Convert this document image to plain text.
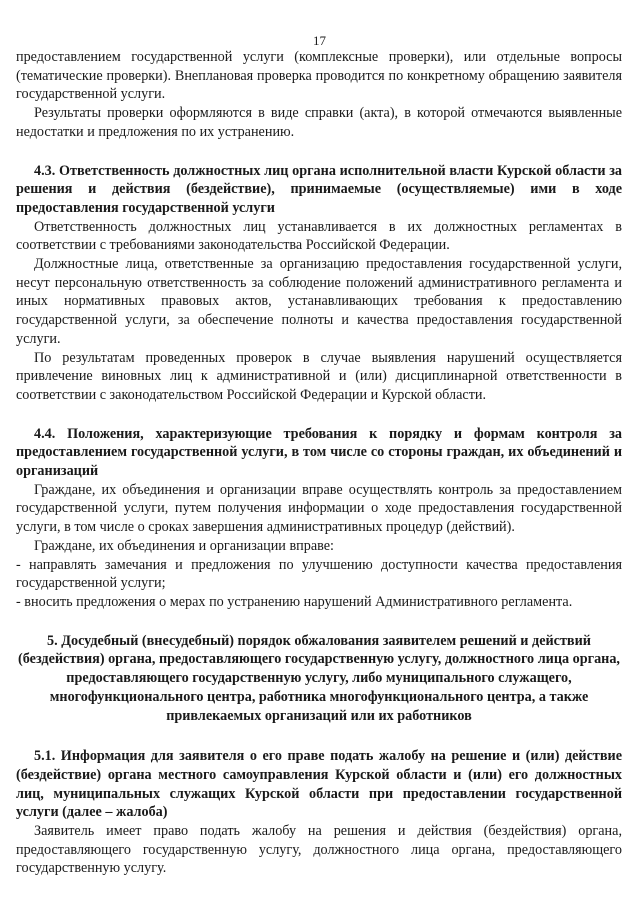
17

предоставлением государственной услуги (комплексные проверки), или отдельные вопросы (тематические проверки). Внеплановая проверка проводится по конкретному обращению заявителя государственной услуги.

Результаты проверки оформляются в виде справки (акта), в которой отмечаются выявленные недостатки и предложения по их устранению.

4.3. Ответственность должностных лиц органа исполнительной власти Курской области за решения и действия (бездействие), принимаемые (осуществляемые) ими в ходе предоставления государственной услуги

Ответственность должностных лиц устанавливается в их должностных регламентах в соответствии с требованиями законодательства Российской Федерации.

Должностные лица, ответственные за организацию предоставления государственной услуги, несут персональную ответственность за соблюдение положений административного регламента и иных нормативных правовых актов, устанавливающих требования к предоставлению государственной услуги, за обеспечение полноты и качества предоставления государственной услуги.

По результатам проведенных проверок в случае выявления нарушений осуществляется привлечение виновных лиц к административной и (или) дисциплинарной ответственности в соответствии с законодательством Российской Федерации и Курской области.

4.4. Положения, характеризующие требования к порядку и формам контроля за предоставлением государственной услуги, в том числе со стороны граждан, их объединений и организаций

Граждане, их объединения и организации вправе осуществлять контроль за предоставлением государственной услуги, путем получения информации о ходе предоставления государственной услуги, в том числе о сроках завершения административных процедур (действий).

Граждане, их объединения и организации вправе:

- направлять замечания и предложения по улучшению доступности качества предоставления государственной услуги;

- вносить предложения о мерах по устранению нарушений Административного регламента.

5. Досудебный (внесудебный) порядок обжалования заявителем решений и действий (бездействия) органа, предоставляющего государственную услугу, должностного лица органа, предоставляющего государственную услугу, либо муниципального служащего, многофункционального центра, работника многофункционального центра, а также привлекаемых организаций или их работников

5.1. Информация для заявителя о его праве подать жалобу на решение и (или) действие (бездействие) органа местного самоуправления Курской области и (или) его должностных лиц, муниципальных служащих Курской области при предоставлении государственной услуги (далее – жалоба)

Заявитель имеет право подать жалобу на решения и действия (бездействия) органа, предоставляющего государственную услугу, должностного лица органа, предоставляющего государственную услугу.
